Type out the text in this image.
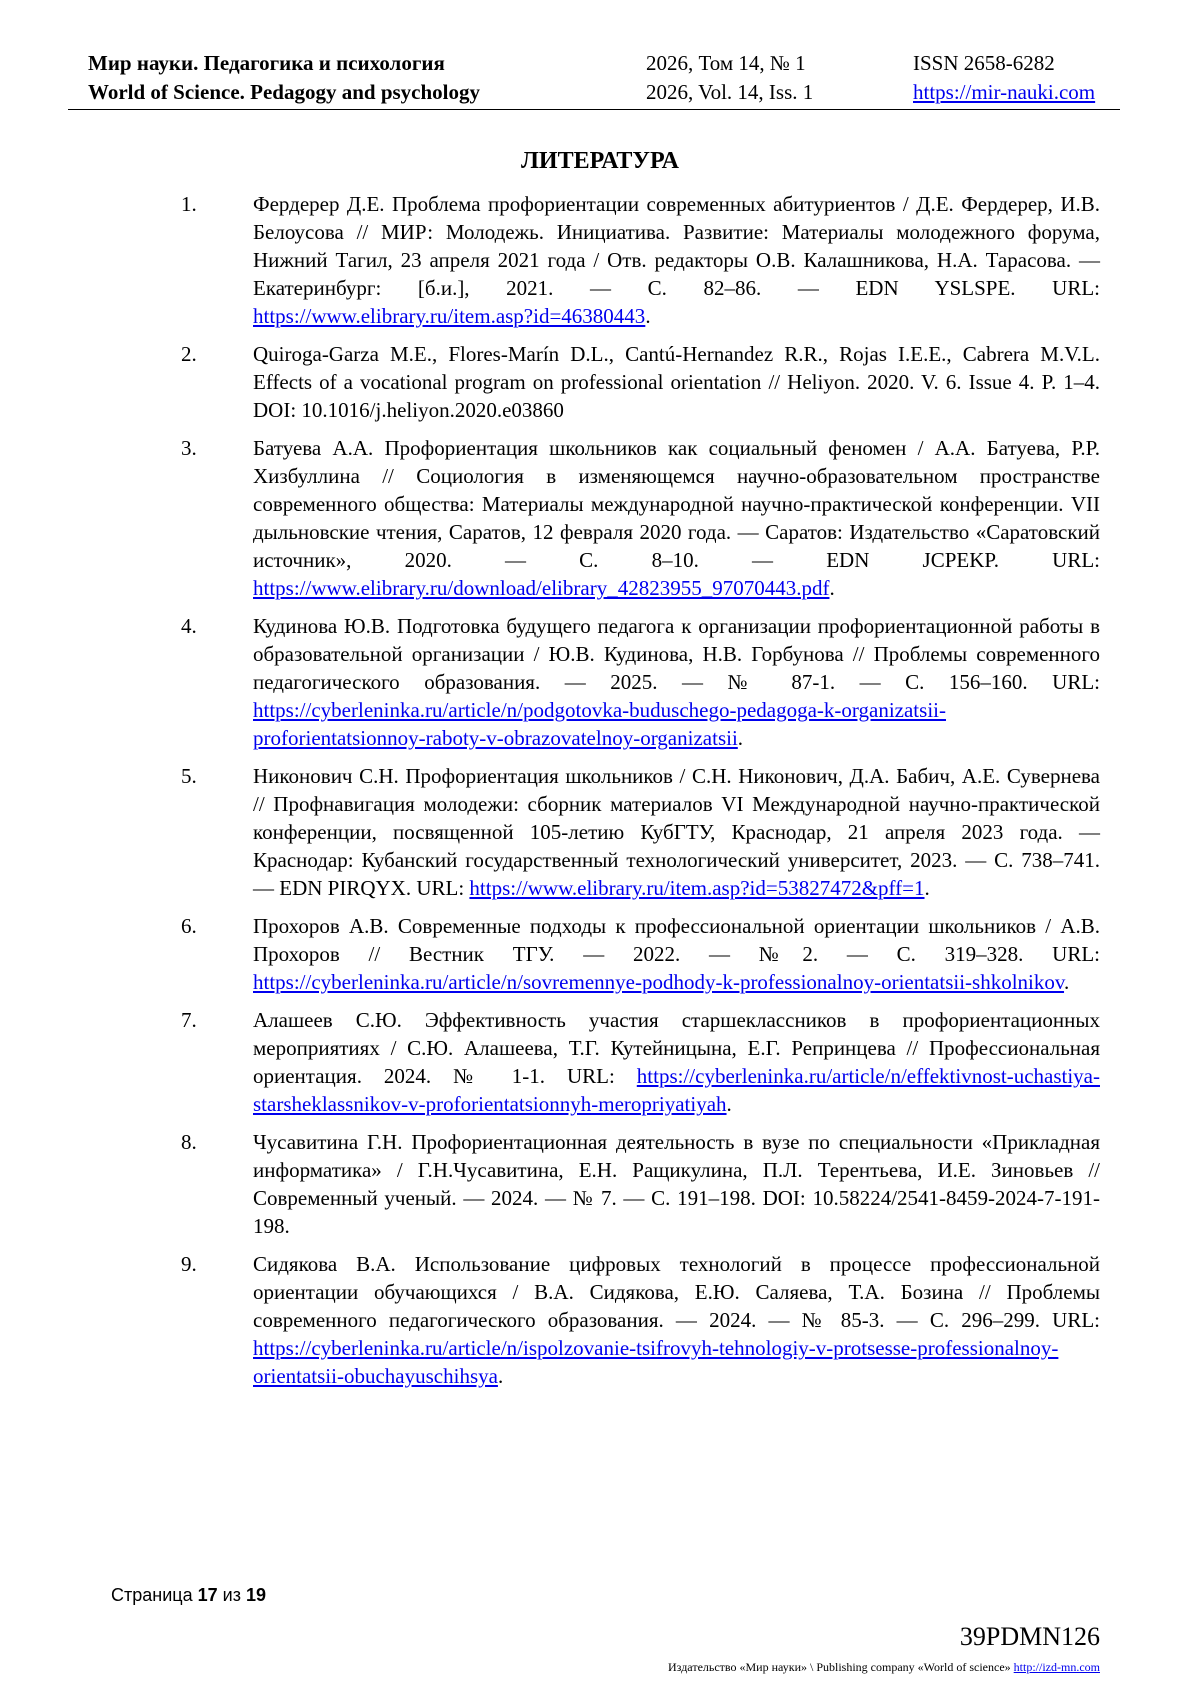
Мир науки. Педагогика и психология
World of Science. Pedagogy and psychology
2026, Том 14, № 1
2026, Vol. 14, Iss. 1
ISSN 2658-6282
https://mir-nauki.com
ЛИТЕРАТУРА
1.	Фердерер Д.Е. Проблема профориентации современных абитуриентов / Д.Е. Фердерер, И.В. Белоусова // МИР: Молодежь. Инициатива. Развитие: Материалы молодежного форума, Нижний Тагил, 23 апреля 2021 года / Отв. редакторы О.В. Калашникова, Н.А. Тарасова. — Екатеринбург: [б.и.], 2021. — С. 82–86. — EDN YSLSPE. URL: https://www.elibrary.ru/item.asp?id=46380443.
2.	Quiroga-Garza M.E., Flores-Marín D.L., Cantú-Hernandez R.R., Rojas I.E.E., Cabrera M.V.L. Effects of a vocational program on professional orientation // Heliyon. 2020. V. 6. Issue 4. P. 1–4. DOI: 10.1016/j.heliyon.2020.e03860
3.	Батуева А.А. Профориентация школьников как социальный феномен / А.А. Батуева, Р.Р. Хизбуллина // Социология в изменяющемся научно-образовательном пространстве современного общества: Материалы международной научно-практической конференции. VII дыльновские чтения, Саратов, 12 февраля 2020 года. — Саратов: Издательство «Саратовский источник», 2020. — С. 8–10. — EDN JCPEKP. URL: https://www.elibrary.ru/download/elibrary_42823955_97070443.pdf.
4.	Кудинова Ю.В. Подготовка будущего педагога к организации профориентационной работы в образовательной организации / Ю.В. Кудинова, Н.В. Горбунова // Проблемы современного педагогического образования. — 2025. — № 87-1. — С. 156–160. URL: https://cyberleninka.ru/article/n/podgotovka-buduschego-pedagoga-k-organizatsii-proforientatsionnoy-raboty-v-obrazovatelnoy-organizatsii.
5.	Никонович С.Н. Профориентация школьников / С.Н. Никонович, Д.А. Бабич, А.Е. Сувернева // Профнавигация молодежи: сборник материалов VI Международной научно-практической конференции, посвященной 105-летию КубГТУ, Краснодар, 21 апреля 2023 года. — Краснодар: Кубанский государственный технологический университет, 2023. — С. 738–741. — EDN PIRQYX. URL: https://www.elibrary.ru/item.asp?id=53827472&pff=1.
6.	Прохоров А.В. Современные подходы к профессиональной ориентации школьников / А.В. Прохоров // Вестник ТГУ. — 2022. — №2. — С. 319–328. URL: https://cyberleninka.ru/article/n/sovremennye-podhody-k-professionalnoy-orientatsii-shkolnikov.
7.	Алашеев С.Ю. Эффективность участия старшеклассников в профориентационных мероприятиях / С.Ю. Алашеева, Т.Г. Кутейницына, Е.Г. Репринцева // Профессиональная ориентация. 2024. № 1-1. URL: https://cyberleninka.ru/article/n/effektivnost-uchastiya-starsheklassnikov-v-proforientatsionnyh-meropriyatiyah.
8.	Чусавитина Г.Н. Профориентационная деятельность в вузе по специальности «Прикладная информатика» / Г.Н.Чусавитина, Е.Н. Ращикулина, П.Л. Терентьева, И.Е. Зиновьев // Современный ученый. — 2024. — № 7. — С. 191–198. DOI: 10.58224/2541-8459-2024-7-191-198.
9.	Сидякова В.А. Использование цифровых технологий в процессе профессиональной ориентации обучающихся / В.А. Сидякова, Е.Ю. Саляева, Т.А. Бозина // Проблемы современного педагогического образования. — 2024. — № 85-3. — С. 296–299. URL: https://cyberleninka.ru/article/n/ispolzovanie-tsifrovyh-tehnologiy-v-protsesse-professionalnoy-orientatsii-obuchayuschihsya.
Страница 17 из 19
39PDMN126
Издательство «Мир науки» \ Publishing company «World of science» http://izd-mn.com
